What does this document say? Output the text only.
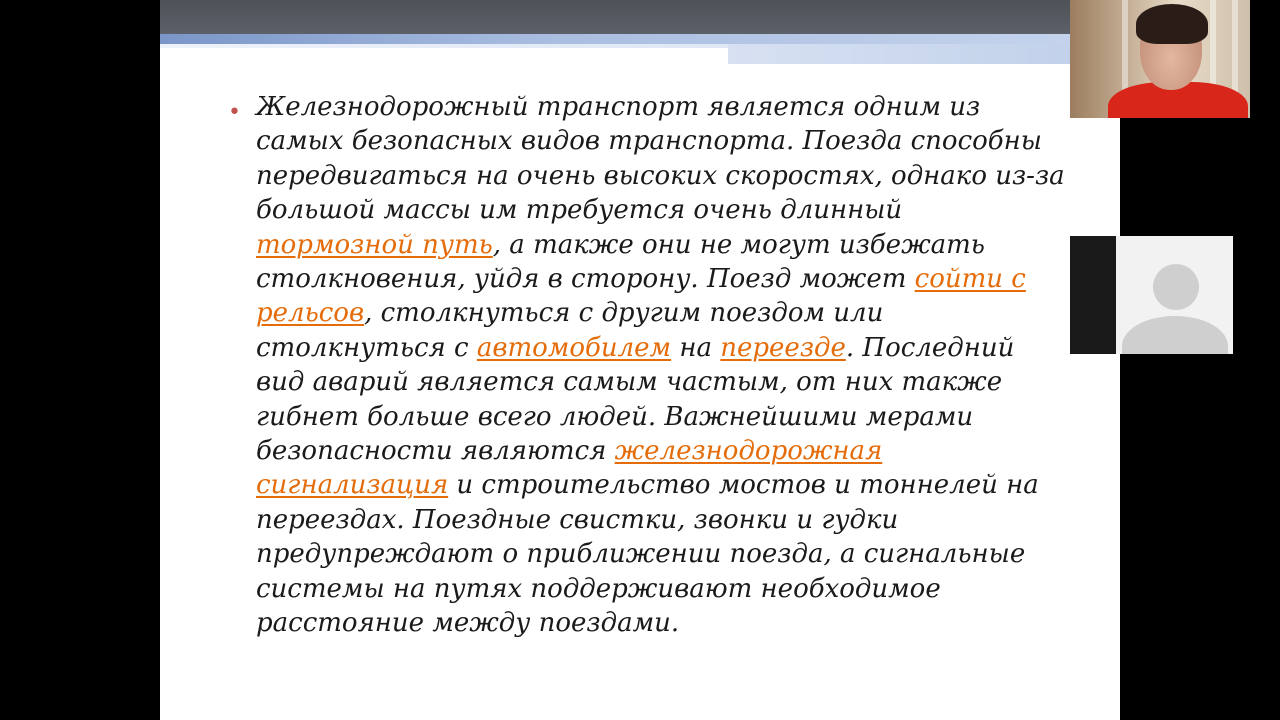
• Железнодорожный транспорт является одним из самых безопасных видов транспорта. Поезда способны передвигаться на очень высоких скоростях, однако из-за большой массы им требуется очень длинный тормозной путь, а также они не могут избежать столкновения, уйдя в сторону. Поезд может сойти с рельсов, столкнуться с другим поездом или столкнуться с автомобилем на переезде. Последний вид аварий является самым частым, от них также гибнет больше всего людей. Важнейшими мерами безопасности являются железнодорожная сигнализация и строительство мостов и тоннелей на переездах. Поездные свистки, звонки и гудки предупреждают о приближении поезда, а сигнальные системы на путях поддерживают необходимое расстояние между поездами.
